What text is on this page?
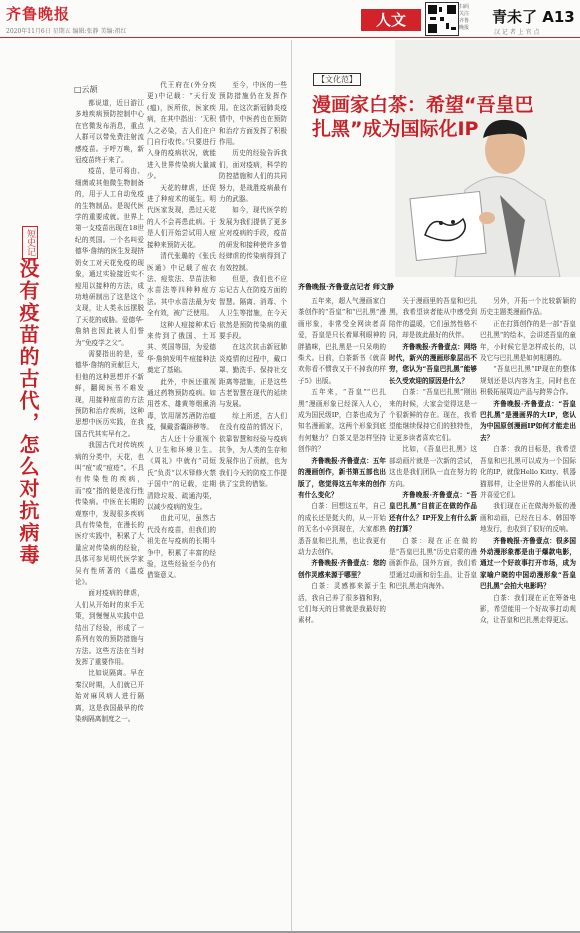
齐鲁晚报
2020年11月6日 星期五 编辑:张静 美编:祖红
人文
扫码关注齐鲁晚报
青未了 A13
汉 记 者 上 官 点
□云颉
短史记
没有疫苗的古代，怎么对抗病毒

都说道，近日游江多地疾病预防控制中心在官微发布消息，重点人群可以带免费注射流感疫苗。于呼万唤，新冠疫苗终于来了。

疫苗，是可将由、细菌或其他微生物制备的，用于人工自动免疫的生物制品。是现代医学的重要成就。世界上第一支疫苗出现在18世纪的英国。一个名叫爱德华·詹纳的医生发现挤奶女工对天花免疫的现象，通过实验接近实不痘用以接种的方法，成功地研制出了这是这个支现，让人类永远摆脱了天花的威胁。爱德华·詹纳也因此被人们誉为“免疫学之父”。

需要指出的是，爱德华·詹纳的贡献巨大，但他的这种思想并不新鲜，翻阅医书不难发现，用接种痘苗的方法预防和治疗疾病，这种思想中医历实践，在我国古代其实早有之。

我国古代对传统疾病的分类中，天花，也叫“痘”或“痘疮”。不具有传染性的疾病，而“疫”指的便是流行性传染病。中医在长期的观察中，发现很多疾病具有传染性，在漫长的医疗实践中，积累了大量应对传染病的经验，具体可参见明代医学家吴有性所著的《温疫论》。

面对疫病的肆虐，人们从开始时的束手无策，到慢慢从实践中总结出了经验，形成了一系列有效的预防措施与方法。这些方法在当时发挥了重要作用。

比如说隔离。早在秦汉时期，人们就已开始对麻风病人进行隔离，这是我国最早的传染病隔离制度之一。

代王府在(外分疾更)中记载：“天行发(瘟)，医所依，医家疾病，在其中指出：‘无积人之必染，古人们在户门自行收传。’只要进行入身的疫病状况，就能进入世界传染病大量减少。

天花的肆虐，还促进了种痘术的诞生。明代医家发现，患过天花的人不会再患此病。于是人们开始尝试用人痘接种来预防天花。

清代张璐的《张氏医通》中记载了痘衣法、痘浆法、旱苗法和水苗法等四种种痘方法。其中水苗法最为安全有效，被广泛使用。

这种人痘接种术后来传到了俄国、土耳其、英国等国，为爱德华·詹纳发明牛痘接种法奠定了基础。

此外，中医还重视通过药物预防疫病。如用苍术、雄黄等烟熏消毒，饮用屠苏酒防治瘟疫，佩戴香囊辟秽等。

古人还十分重视个人卫生和环境卫生。《周礼》中就有“司烜氏”负责“以木铎修火禁于国中”的记载，定期清除垃圾、疏通沟渠，以减少疫病的发生。

由此可见，虽然古代没有疫苗，但我们的祖先在与疫病的长期斗争中，积累了丰富的经验，这些经验至今仍有借鉴意义。

至今，中医的一些预防措施仍在发挥作用。在这次新冠肺炎疫情中，中医药也在预防和治疗方面发挥了积极作用。

历史的经验告诉我们，面对疫病，科学的防控措施和人们的共同努力，是战胜疫病最有力的武器。

如今，现代医学的发展为我们提供了更多应对疫病的手段，疫苗的研发和接种使许多曾经肆虐的传染病得到了有效控制。

但是，我们也不应忘记古人在防疫方面的智慧。隔离、消毒、个人卫生等措施，在今天依然是预防传染病的重要手段。

在这次抗击新冠肺炎疫情的过程中，戴口罩、勤洗手、保持社交距离等措施，正是这些古老智慧在现代的延续与发展。

综上所述，古人们在没有疫苗的情况下，依靠智慧和经验与疫病抗争，为人类的生存和发展作出了贡献，也为我们今天的防疫工作提供了宝贵的借鉴。

【文化范】
漫画家白茶：希望“吾皇巴扎黑”成为国际化IP
齐鲁晚报·齐鲁壹点记者 师文静

五年来，超人气漫画家白茶创作的“吾皇”和“巴扎黑”漫画形象，非常受全网读者喜爱，吾皇是只长着犀利眼神的胖猫咪，巴扎黑是一只呆萌的柴犬。日前，白茶新书《就喜欢你看不惯我又干不掉我的样子5》出版。

五年来，“吾皇”“巴扎黑”漫画形象已经深入人心，成为国民级IP，白茶也成为了知名漫画家，这两个形象到底有何魅力？白茶又是怎样坚持创作的？

齐鲁晚报·齐鲁壹点：五年的漫画创作，新书第五部也出版了，您觉得这五年来的创作有什么变化？

白茶：回想这五年，自己的成长还是挺大的，从一开始的无名小卒到现在，大家都熟悉吾皇和巴扎黑，也让我更有动力去创作。

齐鲁晚报·齐鲁壹点：您的创作灵感来源于哪里？

白茶：灵感都来源于生活，我自己养了很多猫和狗，它们每天的日常就是我最好的素材。

关于漫画里的吾皇和巴扎黑，我希望读者能从中感受到陪伴的温暖，它们虽然性格不同，却是彼此最好的伙伴。

齐鲁晚报·齐鲁壹点：网络时代，新兴的漫画形象层出不穷，您认为“吾皇巴扎黑”能够长久受欢迎的原因是什么？

白茶：“吾皇巴扎黑”刚出来的时候，大家会觉得这是一个很新鲜的存在。现在，我希望能继续保持它们的独特性，让更多读者喜欢它们。

比如，《吾皇巴扎黑》这部动画片就是一次新的尝试，这也是我们团队一直在努力的方向。

齐鲁晚报·齐鲁壹点：“吾皇巴扎黑”目前正在做的作品还有什么？IP开发上有什么新的打算？

白茶：现在正在做的是“吾皇巴扎黑”历史启蒙的漫画新作品，国外方面，我们希望通过动画和衍生品，让吾皇和巴扎黑走向海外。

另外，开拓一个比较新颖的历史主题类漫画作品。

正在打算创作的是一部“吾皇巴扎黑”的绘本，会讲述吾皇的童年，小时候它是怎样成长的，以及它与巴扎黑是如何相遇的。

“吾皇巴扎黑”IP现在的整体规划还是以内容为主，同时也在积极拓展周边产品与跨界合作。

齐鲁晚报·齐鲁壹点：“吾皇巴扎黑”是漫画界的大IP，您认为中国原创漫画IP如何才能走出去？

白茶：我的目标是，我希望吾皇和巴扎黑可以成为一个国际化的IP，就像Hello Kitty、机器猫那样，让全世界的人都能认识并喜爱它们。

我们现在正在做海外版的漫画和动画，已经在日本、韩国等地发行，也收到了很好的反响。

齐鲁晚报·齐鲁壹点：很多国外动漫形象都是由于爆款电影，通过一个好故事打开市场，成为家喻户晓的中国动漫形象“吾皇巴扎黑”会拍大电影吗？

白茶：我们现在正在筹备电影，希望能用一个好故事打动观众，让吾皇和巴扎黑走得更远。
